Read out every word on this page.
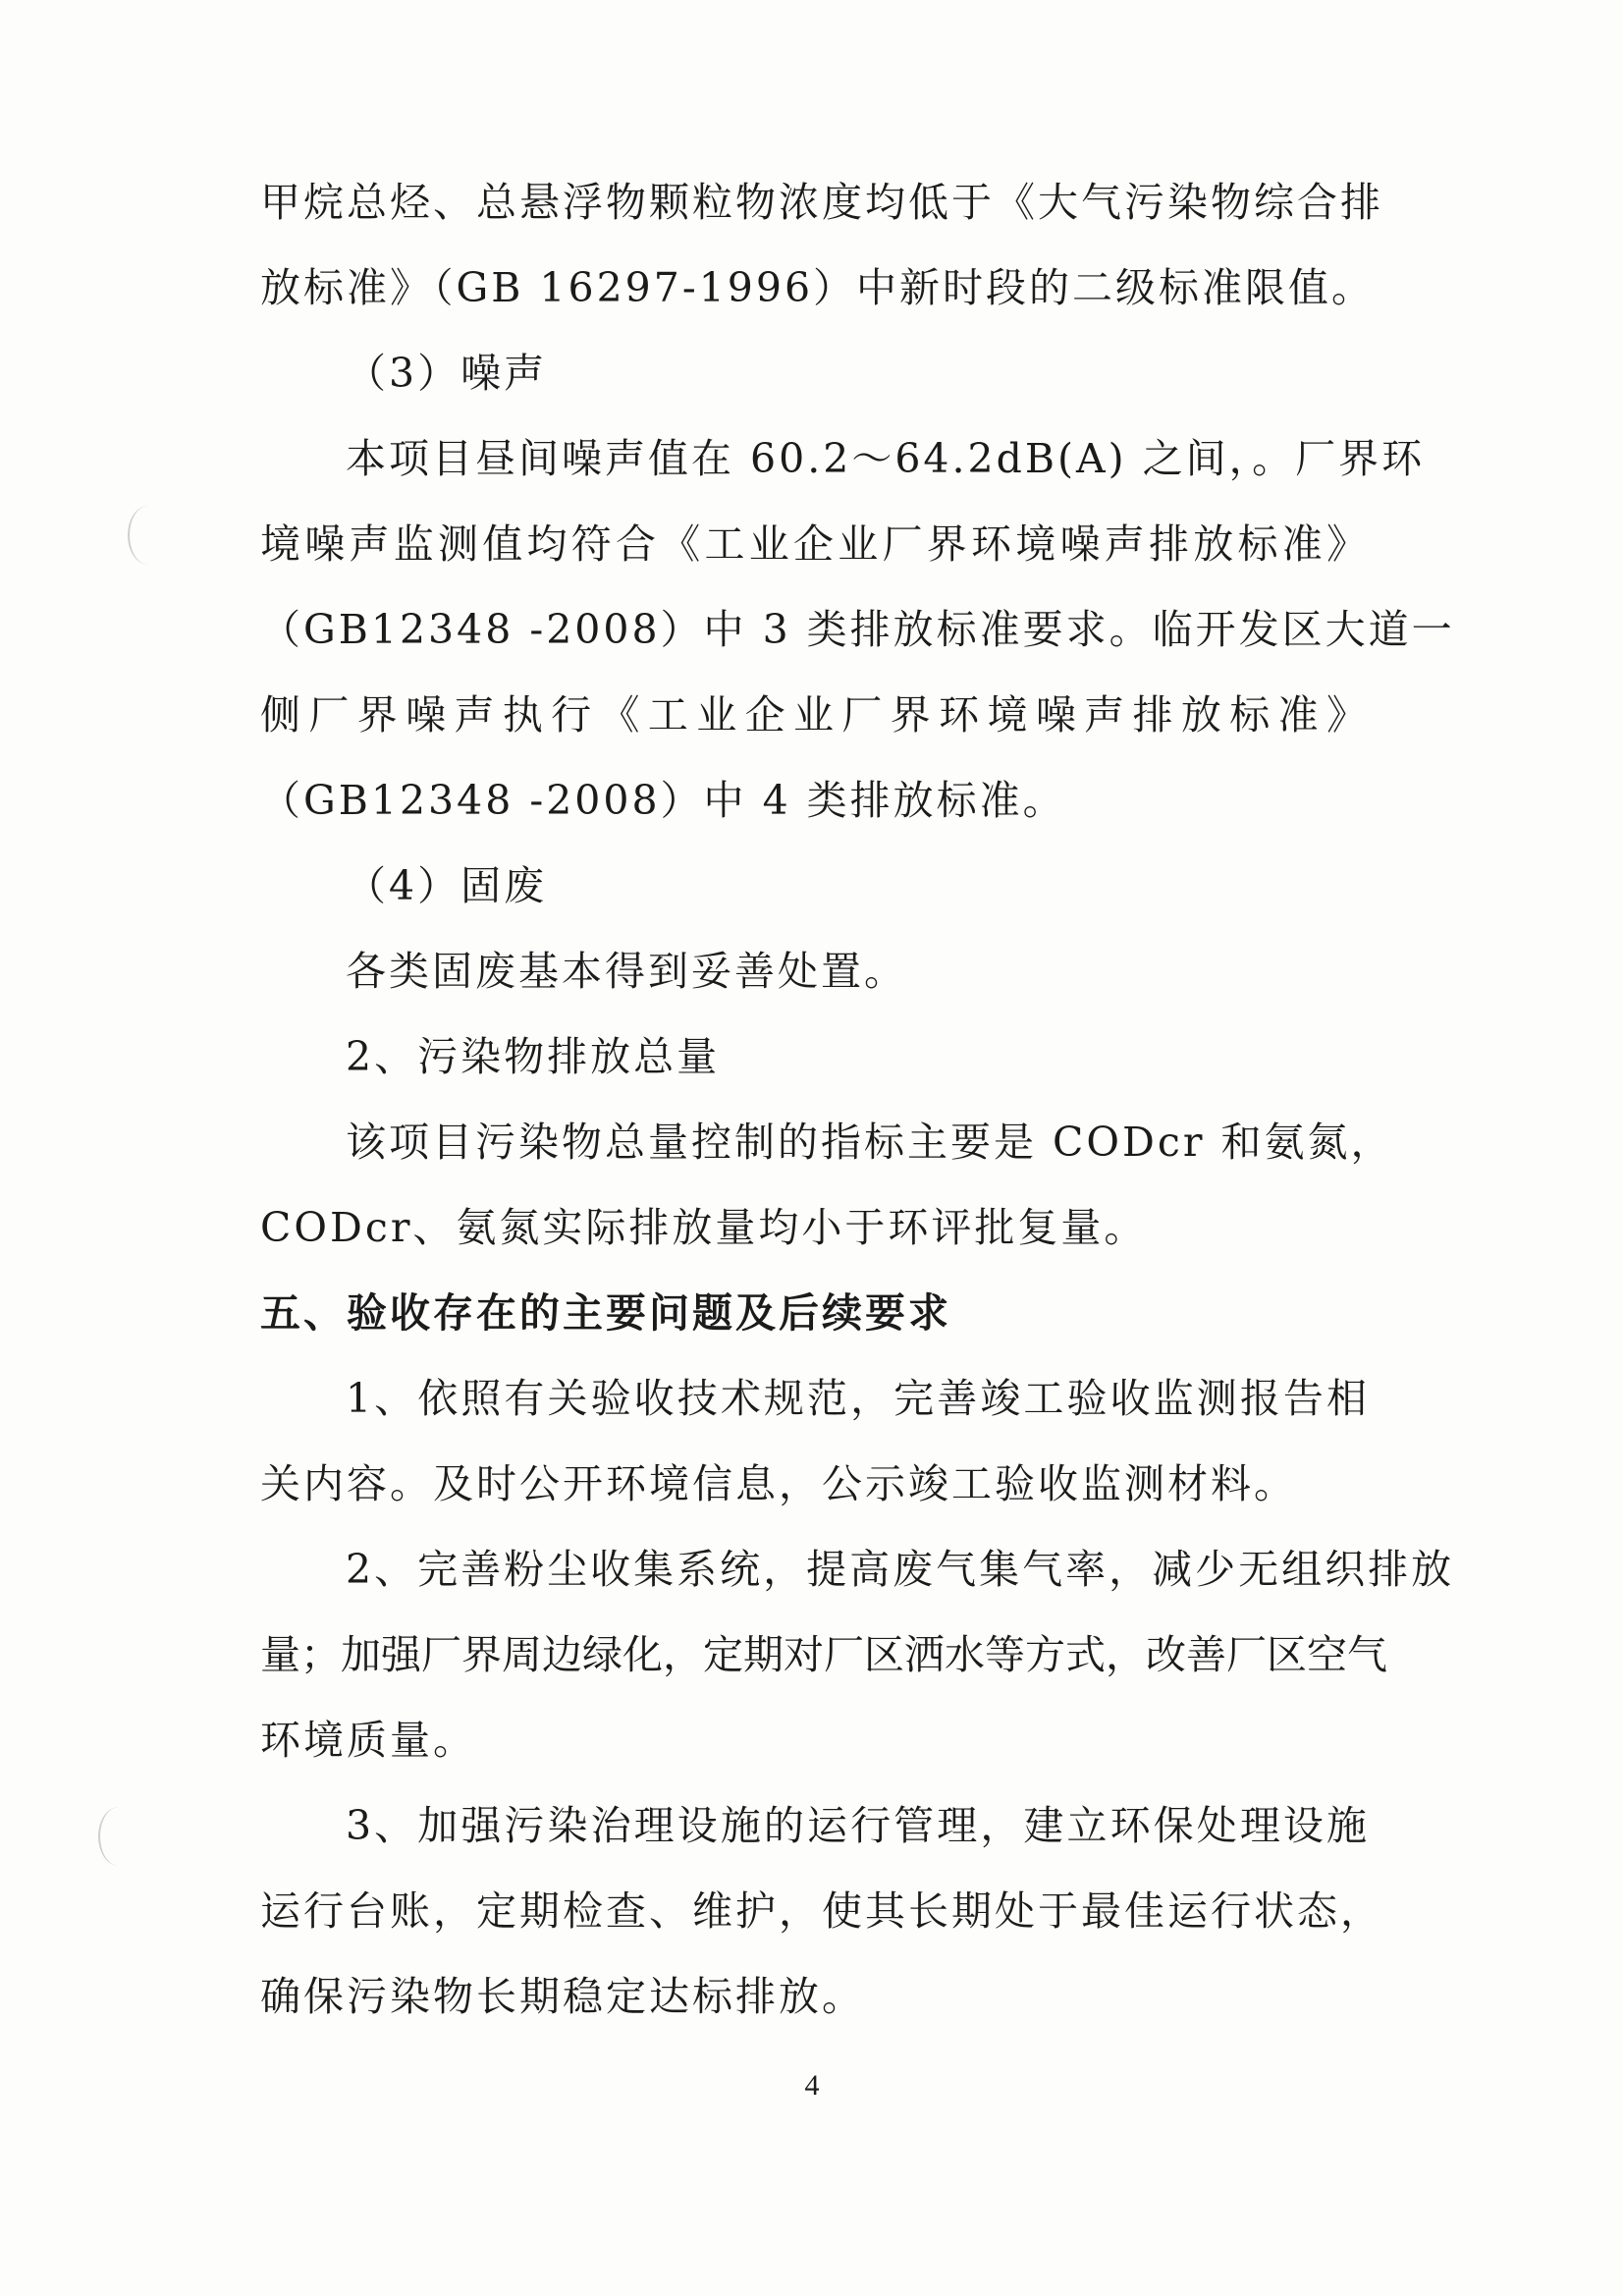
甲烷总烃、总悬浮物颗粒物浓度均低于《大气污染物综合排
放标准》（GB 16297-1996）中新时段的二级标准限值。
（3）噪声
本项目昼间噪声值在 60.2～64.2dB(A) 之间，。厂界环
境噪声监测值均符合《工业企业厂界环境噪声排放标准》
（GB12348 -2008）中 3 类排放标准要求。临开发区大道一
侧厂界噪声执行《工业企业厂界环境噪声排放标准》
（GB12348 -2008）中 4 类排放标准。
（4）固废
各类固废基本得到妥善处置。
2、污染物排放总量
该项目污染物总量控制的指标主要是 CODcr 和氨氮，
CODcr、氨氮实际排放量均小于环评批复量。
五、验收存在的主要问题及后续要求
1、依照有关验收技术规范，完善竣工验收监测报告相
关内容。及时公开环境信息，公示竣工验收监测材料。
2、完善粉尘收集系统，提高废气集气率，减少无组织排放
量；加强厂界周边绿化，定期对厂区洒水等方式，改善厂区空气
环境质量。
3、加强污染治理设施的运行管理，建立环保处理设施
运行台账，定期检查、维护，使其长期处于最佳运行状态，
确保污染物长期稳定达标排放。
4
